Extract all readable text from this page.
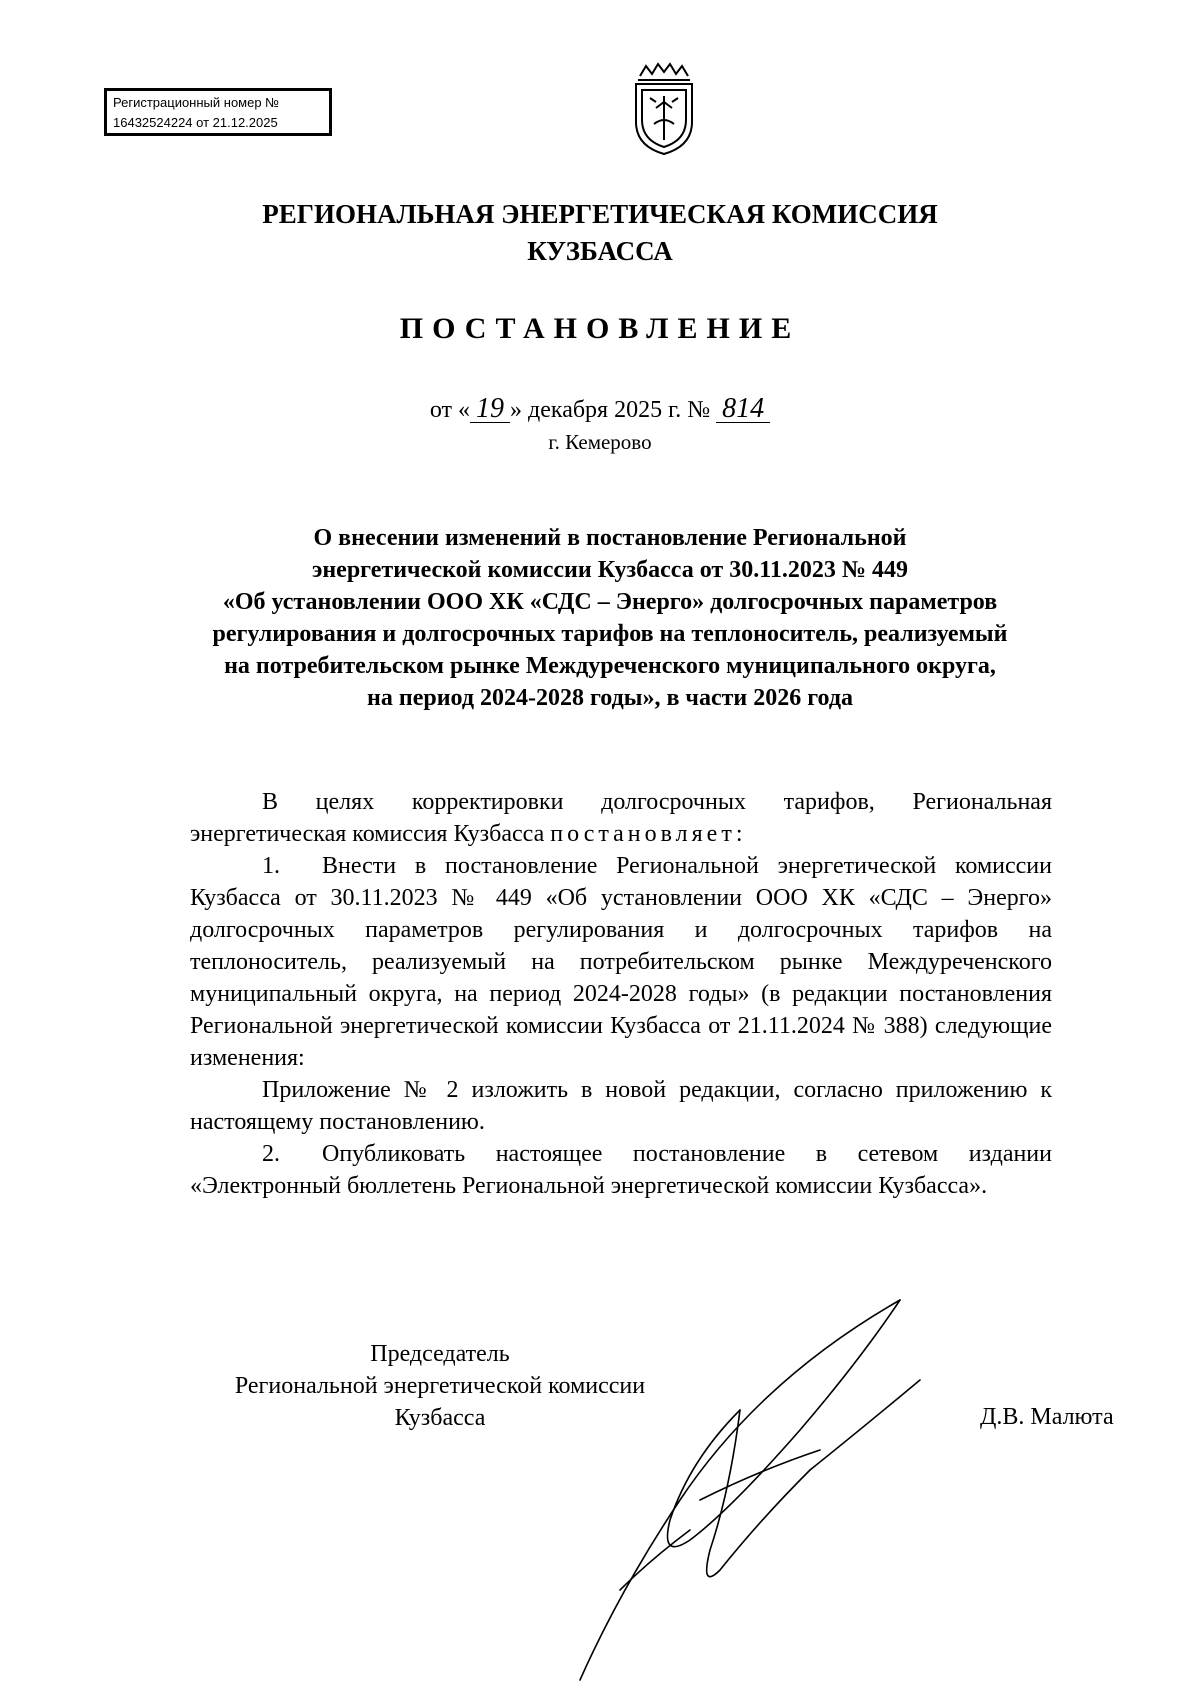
Регистрационный номер №
16432524224 от 21.12.2025
РЕГИОНАЛЬНАЯ ЭНЕРГЕТИЧЕСКАЯ КОМИССИЯ
КУЗБАССА
ПОСТАНОВЛЕНИЕ
от « 19 » декабря 2025 г. № 814
г. Кемерово
О внесении изменений в постановление Региональной
энергетической комиссии Кузбасса от 30.11.2023 № 449
«Об установлении ООО ХК «СДС – Энерго» долгосрочных параметров
регулирования и долгосрочных тарифов на теплоноситель, реализуемый
на потребительском рынке Междуреченского муниципального округа,
на период 2024-2028 годы», в части 2026 года

В целях корректировки долгосрочных тарифов, Региональная энергетическая комиссия Кузбасса постановляет:

1. Внести в постановление Региональной энергетической комиссии Кузбасса от 30.11.2023 № 449 «Об установлении ООО ХК «СДС – Энерго» долгосрочных параметров регулирования и долгосрочных тарифов на теплоноситель, реализуемый на потребительском рынке Междуреченского муниципальный округа, на период 2024-2028 годы» (в редакции постановления Региональной энергетической комиссии Кузбасса от 21.11.2024 № 388) следующие изменения:

Приложение № 2 изложить в новой редакции, согласно приложению к настоящему постановлению.

2. Опубликовать настоящее постановление в сетевом издании «Электронный бюллетень Региональной энергетической комиссии Кузбасса».

Председатель
Региональной энергетической комиссии
Кузбасса	Д.В. Малюта
